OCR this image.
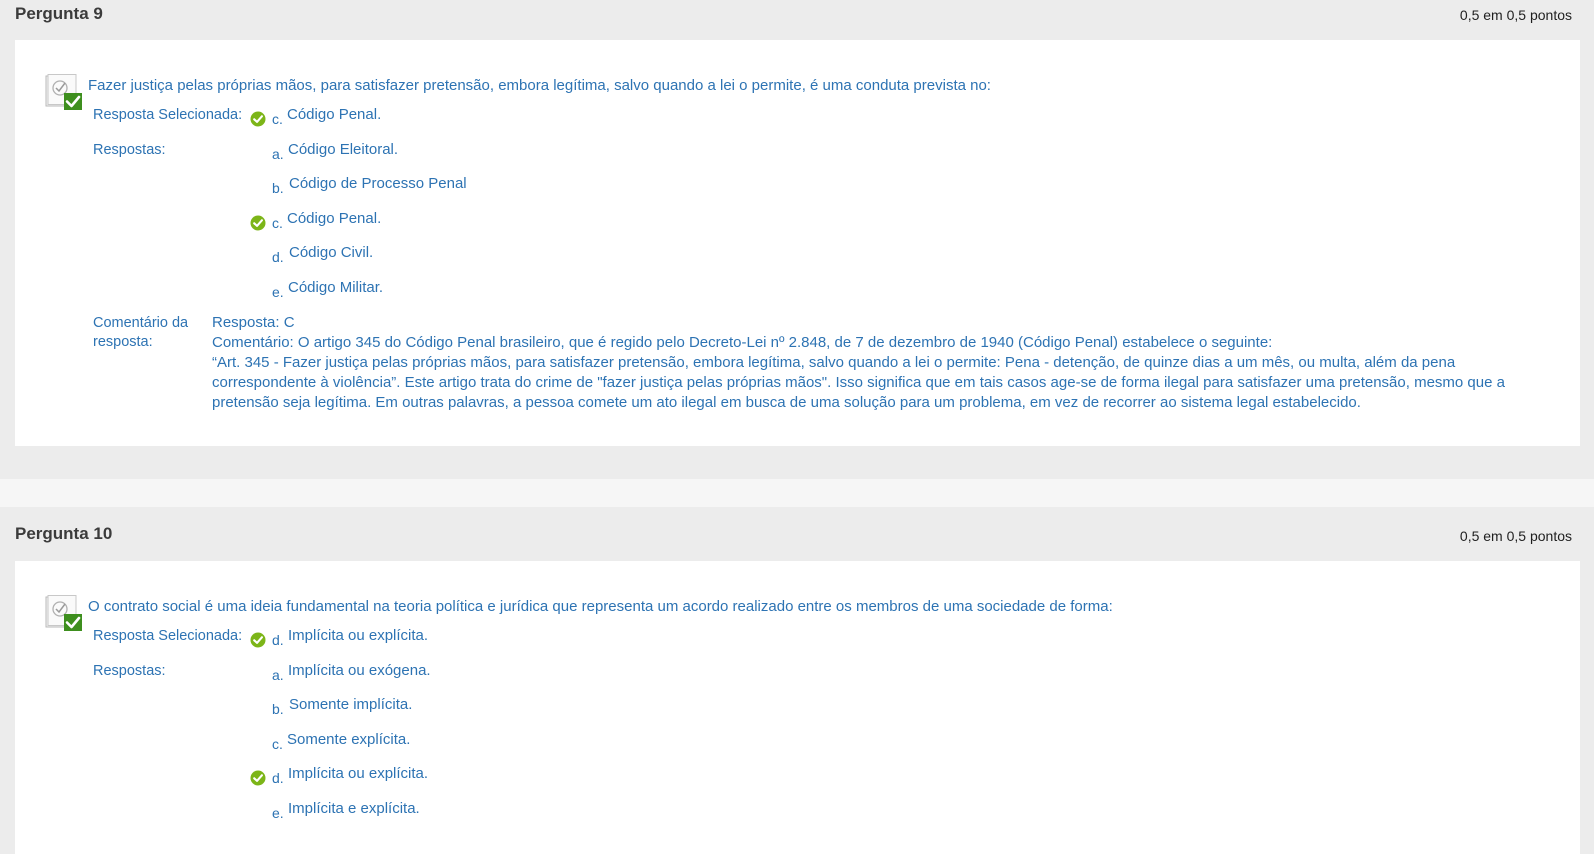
Pergunta 9	0,5 em 0,5 pontos
Fazer justiça pelas próprias mãos, para satisfazer pretensão, embora legítima, salvo quando a lei o permite, é uma conduta prevista no:
Resposta Selecionada: c. Código Penal.
Respostas:	a. Código Eleitoral.
b. Código de Processo Penal
c. Código Penal.
d. Código Civil.
e. Código Militar.
Comentário da resposta:
Resposta: C
Comentário: O artigo 345 do Código Penal brasileiro, que é regido pelo Decreto-Lei nº 2.848, de 7 de dezembro de 1940 (Código Penal) estabelece o seguinte:
“Art. 345 - Fazer justiça pelas próprias mãos, para satisfazer pretensão, embora legítima, salvo quando a lei o permite: Pena - detenção, de quinze dias a um mês, ou multa, além da pena correspondente à violência”. Este artigo trata do crime de "fazer justiça pelas próprias mãos". Isso significa que em tais casos age-se de forma ilegal para satisfazer uma pretensão, mesmo que a pretensão seja legítima. Em outras palavras, a pessoa comete um ato ilegal em busca de uma solução para um problema, em vez de recorrer ao sistema legal estabelecido.
Pergunta 10	0,5 em 0,5 pontos
O contrato social é uma ideia fundamental na teoria política e jurídica que representa um acordo realizado entre os membros de uma sociedade de forma:
Resposta Selecionada: d. Implícita ou explícita.
Respostas:	a. Implícita ou exógena.
b. Somente implícita.
c. Somente explícita.
d. Implícita ou explícita.
e. Implícita e explícita.
